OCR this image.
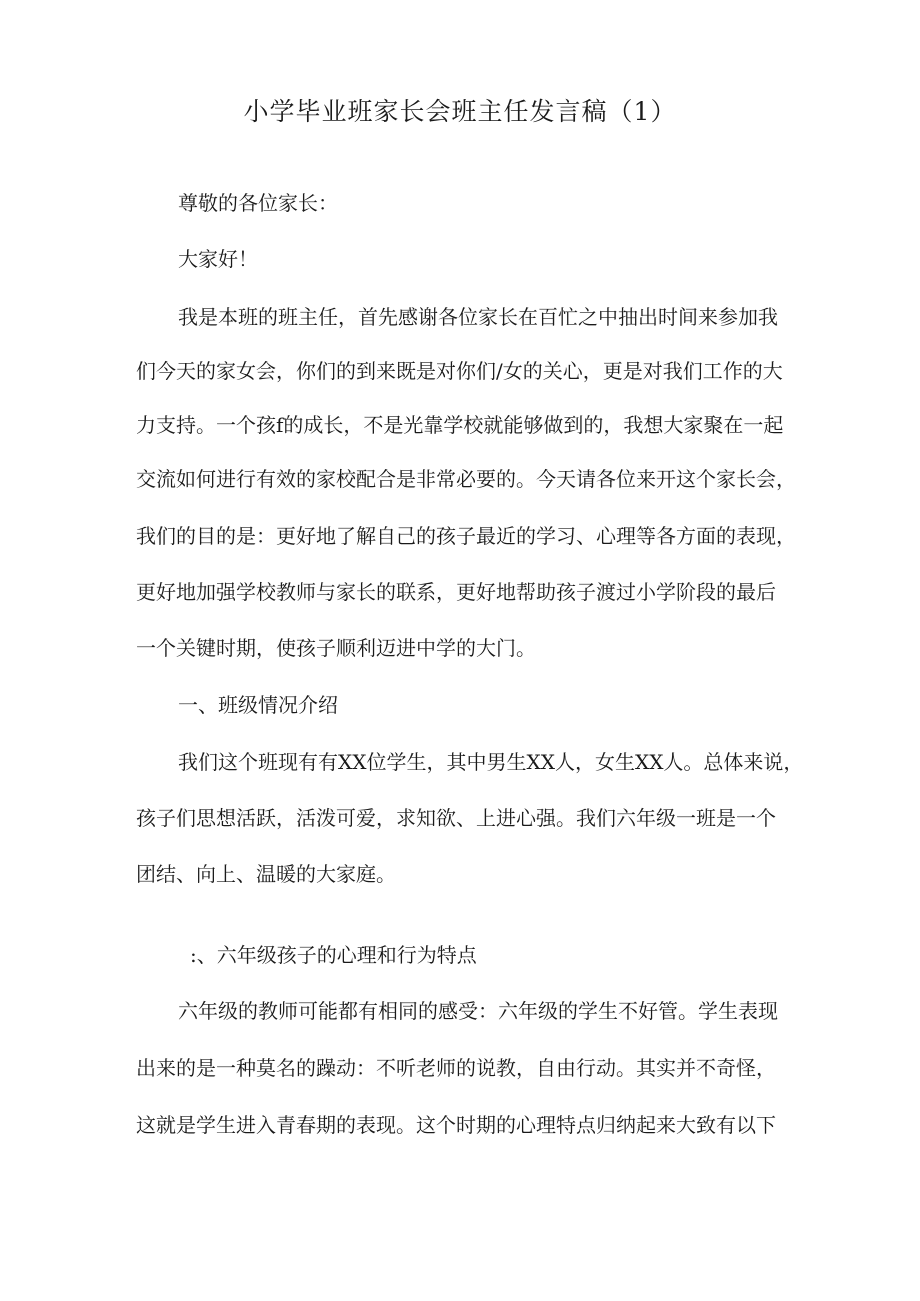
小学毕业班家长会班主任发言稿（1）
尊敬的各位家长：
大家好！
我是本班的班主任，首先感谢各位家长在百忙之中抽出时间来参加我
们今天的家女会，你们的到来既是对你们/女的关心，更是对我们工作的大
力支持。一个孩f的成长，不是光靠学校就能够做到的，我想大家聚在一起
交流如何进行有效的家校配合是非常必要的。今天请各位来开这个家长会，
我们的目的是：更好地了解自己的孩子最近的学习、心理等各方面的表现，
更好地加强学校教师与家长的联系，更好地帮助孩子渡过小学阶段的最后
一个关键时期，使孩子顺利迈进中学的大门。
一、班级情况介绍
我们这个班现有有XX位学生，其中男生XX人，女生XX人。总体来说，
孩子们思想活跃，活泼可爱，求知欲、上进心强。我们六年级一班是一个
团结、向上、温暖的大家庭。
:、六年级孩子的心理和行为特点
六年级的教师可能都有相同的感受：六年级的学生不好管。学生表现
出来的是一种莫名的躁动：不听老师的说教，自由行动。其实并不奇怪，
这就是学生进入青春期的表现。这个时期的心理特点归纳起来大致有以下
